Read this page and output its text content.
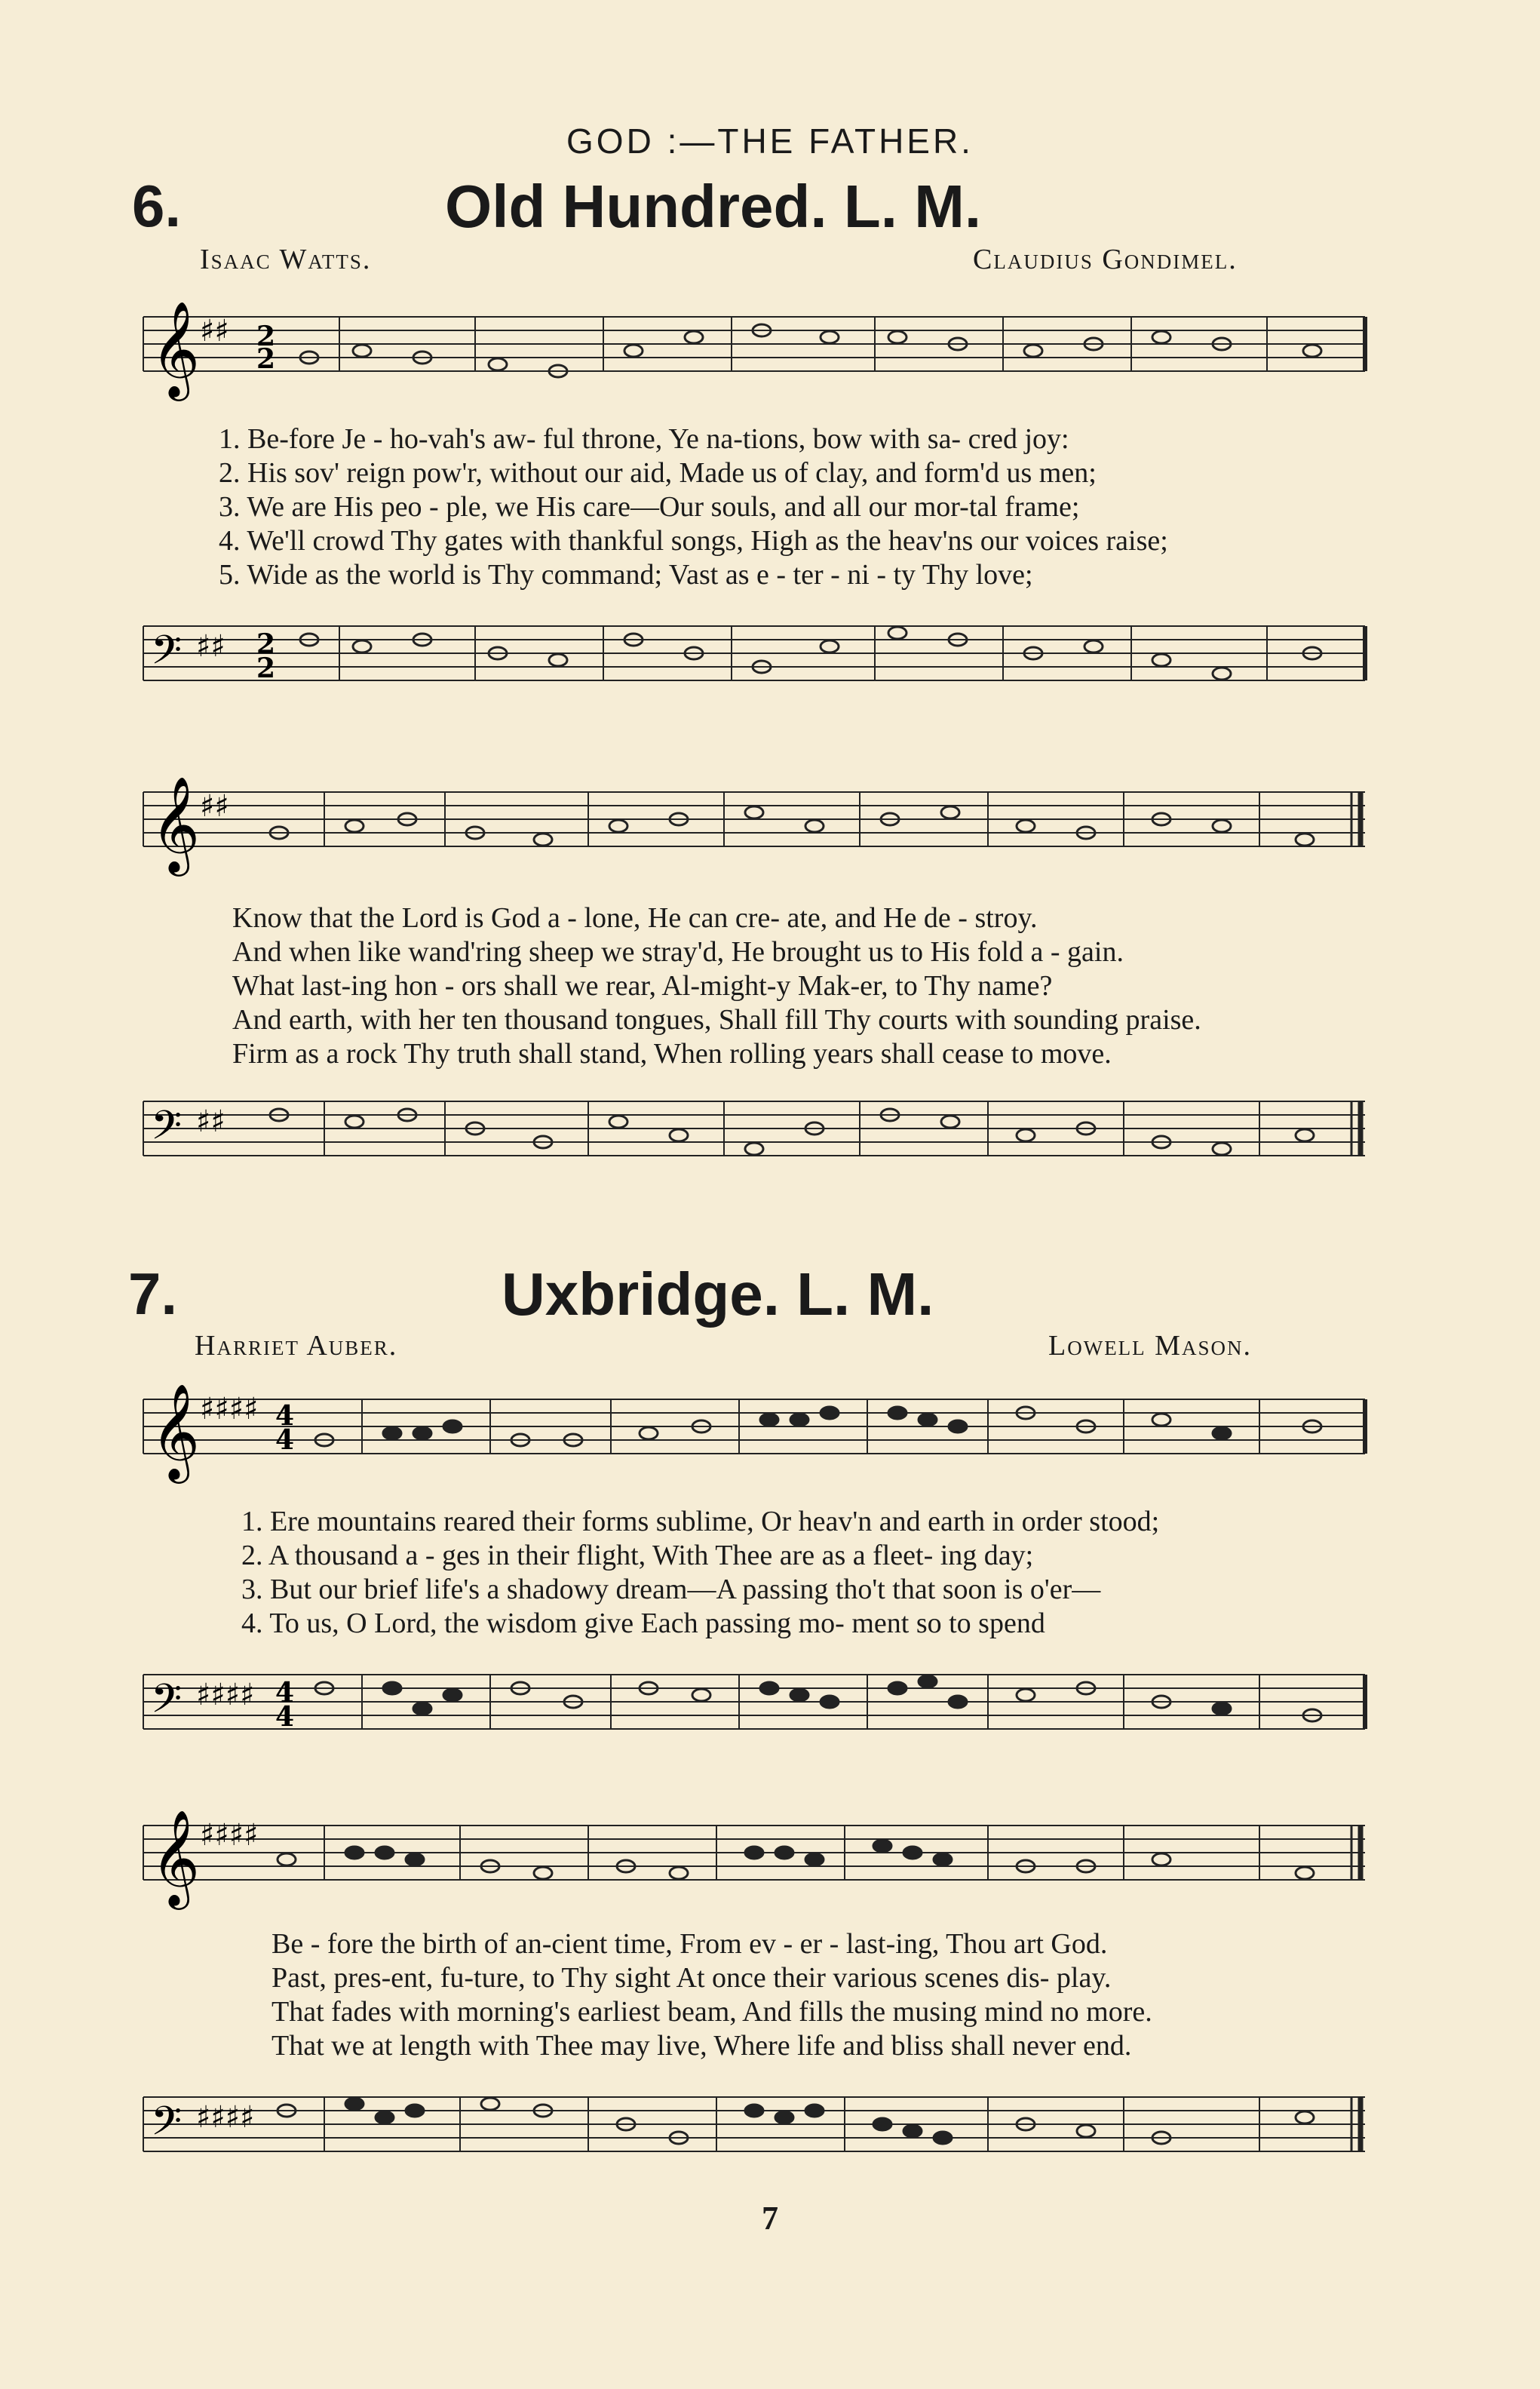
GOD :—THE FATHER.
6.	Old Hundred. L. M.
Isaac Watts.	Claudius Gondimel.
𝄞 ♯♯ 2
2
1. Be-fore Je - ho-vah's aw- ful throne, Ye na-tions, bow with sa- cred joy:
2. His sov' reign pow'r, without our aid, Made us of clay, and form'd us men;
3. We are His peo - ple, we His care—Our souls, and all our mor-tal frame;
4. We'll crowd Thy gates with thankful songs, High as the heav'ns our voices raise;
5. Wide as the world is Thy command; Vast as e - ter - ni - ty Thy love;
𝄢 ♯♯ 2
2
𝄞 ♯♯
Know that the Lord is God a - lone, He can cre- ate, and He de - stroy.
And when like wand'ring sheep we stray'd, He brought us to His fold a - gain.
What last-ing hon - ors shall we rear, Al-might-y Mak-er, to Thy name?
And earth, with her ten thousand tongues, Shall fill Thy courts with sounding praise.
Firm as a rock Thy truth shall stand, When rolling years shall cease to move.
𝄢 ♯♯
7.	Uxbridge. L. M.
Harriet Auber.	Lowell Mason.
𝄞 ♯♯♯♯ 4
4
1. Ere mountains reared their forms sublime, Or heav'n and earth in order stood;
2. A thousand a - ges in their flight, With Thee are as a fleet- ing day;
3. But our brief life's a shadowy dream—A passing tho't that soon is o'er—
4. To us, O Lord, the wisdom give Each passing mo- ment so to spend
𝄢 ♯♯♯♯ 4
4
𝄞 ♯♯♯♯
Be - fore the birth of an-cient time, From ev - er - last-ing, Thou art God.
Past, pres-ent, fu-ture, to Thy sight At once their various scenes dis- play.
That fades with morning's earliest beam, And fills the musing mind no more.
That we at length with Thee may live, Where life and bliss shall never end.
𝄢 ♯♯♯♯
7
